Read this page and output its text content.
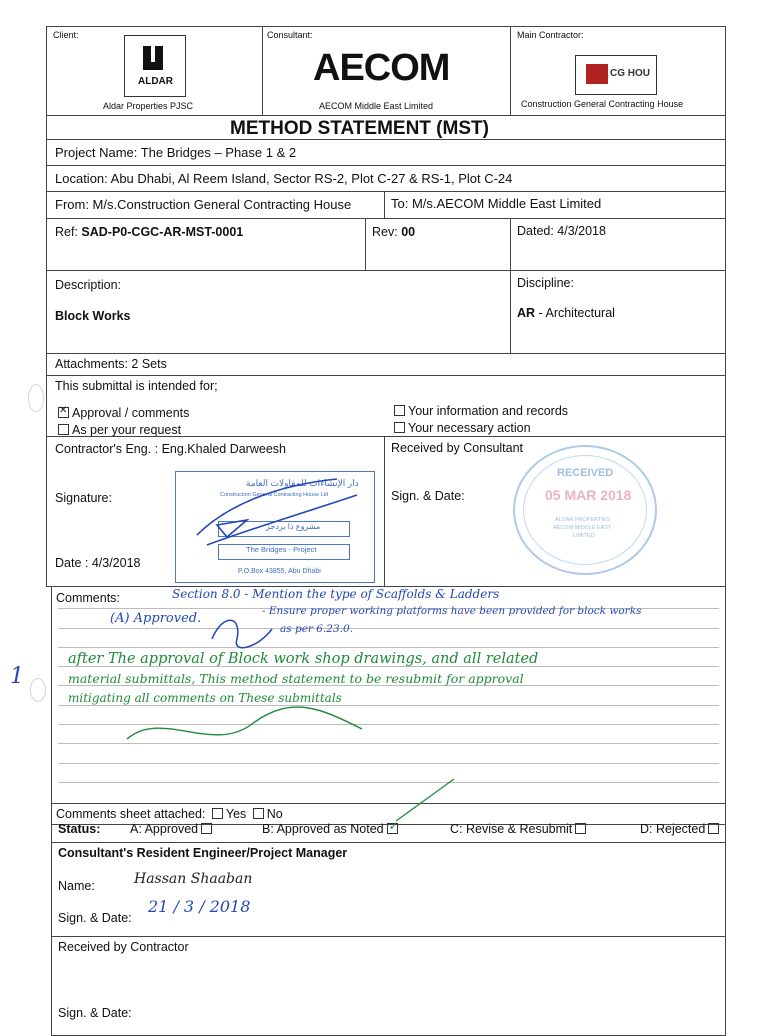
Client:
ALDAR
Aldar Properties PJSC
Consultant:
AECOM
AECOM Middle East Limited
Main Contractor:
CG HOU
Construction General Contracting House
METHOD STATEMENT (MST)
Project Name: The Bridges – Phase 1 & 2
Location: Abu Dhabi, Al Reem Island, Sector RS-2, Plot C-27 & RS-1, Plot C-24
From: M/s.Construction General Contracting House	To: M/s.AECOM Middle East Limited
Ref: SAD-P0-CGC-AR-MST-0001	Rev: 00	Dated: 4/3/2018
Description:
Block Works
Discipline:
AR - Architectural
Attachments: 2 Sets
This submittal is intended for;
✕ Approval / comments
As per your request
Your information and records
Your necessary action
Contractor's Eng. : Eng.Khaled Darweesh
Signature:
Date : 4/3/2018
دار الإنشاءات للمقاولات العامة
Construction General Contracting House Ltd
مشروع ذا بردجز
The Bridges - Project
P.O.Box 43855, Abu Dhabi
Received by Consultant
Sign. & Date:
RECEIVED
05 MAR 2018
ALDAR PROPERTIES
AECOM MIDDLE EAST
LIMITED
Comments:	Section 8.0 - Mention the type of Scaffolds & Ladders
(A) Approved.	- Ensure proper working platforms have been provided for block works
as per 6.23.0.
after The approval of Block work shop drawings, and all related
material submittals, This method statement to be resubmit for approval
mitigating all comments on These submittals
Comments sheet attached: Yes No
Status: A: Approved	B: Approved as Noted ✓	C: Revise & Resubmit	D: Rejected
Consultant's Resident Engineer/Project Manager
Name:	Hassan Shaaban
Sign. & Date:
21 / 3 / 2018
Received by Contractor
Sign. & Date:
1
